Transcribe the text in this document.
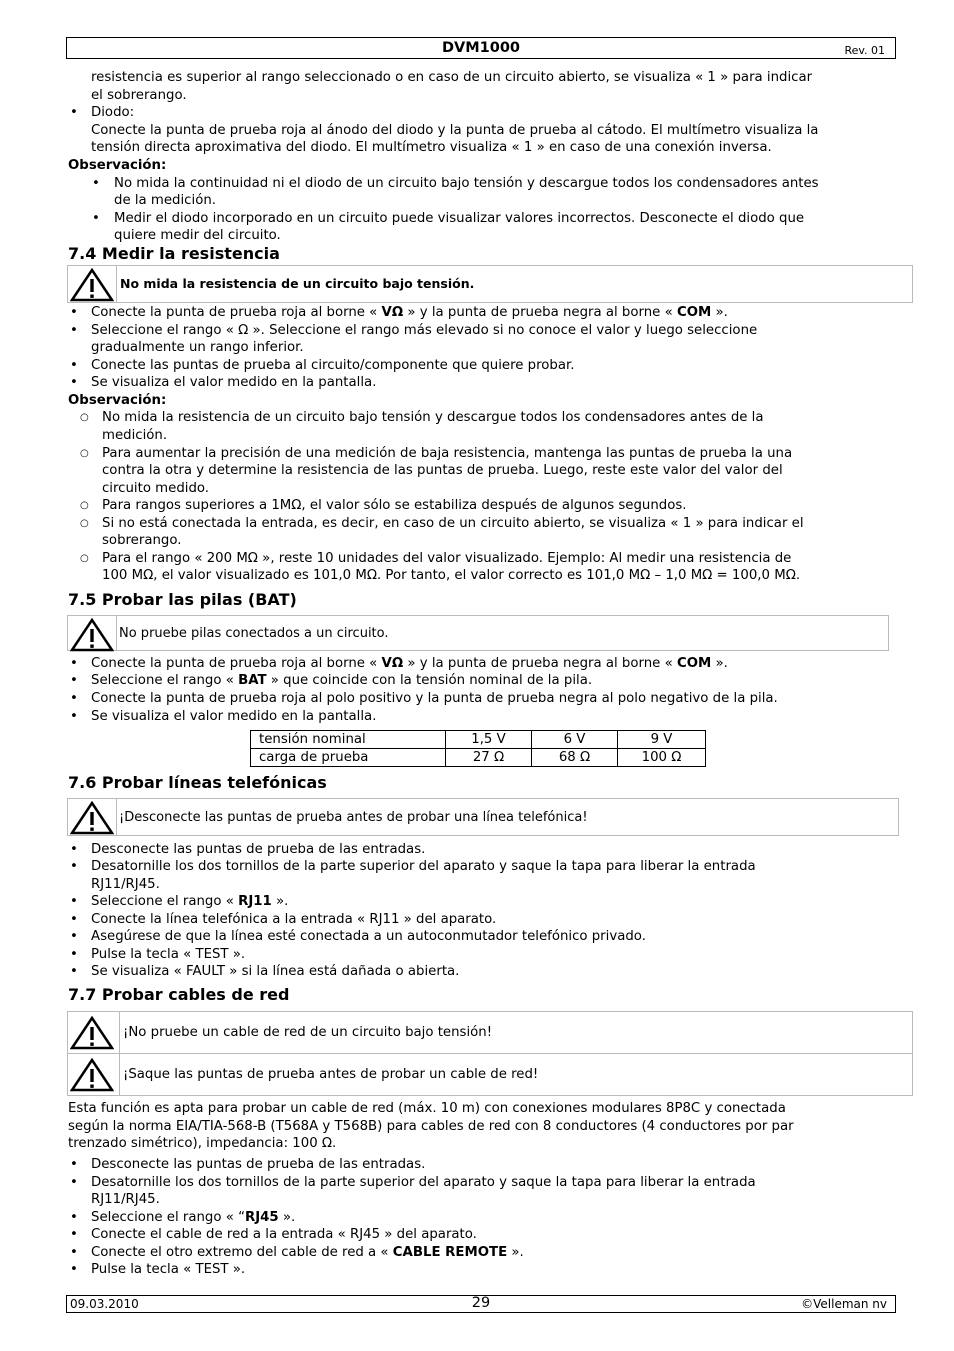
DVM1000	Rev. 01
resistencia es superior al rango seleccionado o en caso de un circuito abierto, se visualiza « 1 » para indicar
el sobrerango.
• Diodo:
Conecte la punta de prueba roja al ánodo del diodo y la punta de prueba al cátodo. El multímetro visualiza la
tensión directa aproximativa del diodo. El multímetro visualiza « 1 » en caso de una conexión inversa.
Observación:
• No mida la continuidad ni el diodo de un circuito bajo tensión y descargue todos los condensadores antes
de la medición.
• Medir el diodo incorporado en un circuito puede visualizar valores incorrectos. Desconecte el diodo que
quiere medir del circuito.
7.4 Medir la resistencia
No mida la resistencia de un circuito bajo tensión.
• Conecte la punta de prueba roja al borne « VΩ » y la punta de prueba negra al borne « COM ».
• Seleccione el rango « Ω ». Seleccione el rango más elevado si no conoce el valor y luego seleccione
gradualmente un rango inferior.
• Conecte las puntas de prueba al circuito/componente que quiere probar.
• Se visualiza el valor medido en la pantalla.
Observación:
○ No mida la resistencia de un circuito bajo tensión y descargue todos los condensadores antes de la
medición.
○ Para aumentar la precisión de una medición de baja resistencia, mantenga las puntas de prueba la una
contra la otra y determine la resistencia de las puntas de prueba. Luego, reste este valor del valor del
circuito medido.
○ Para rangos superiores a 1MΩ, el valor sólo se estabiliza después de algunos segundos.
○ Si no está conectada la entrada, es decir, en caso de un circuito abierto, se visualiza « 1 » para indicar el
sobrerango.
○ Para el rango « 200 MΩ », reste 10 unidades del valor visualizado. Ejemplo: Al medir una resistencia de
100 MΩ, el valor visualizado es 101,0 MΩ. Por tanto, el valor correcto es 101,0 MΩ – 1,0 MΩ = 100,0 MΩ.
7.5 Probar las pilas (BAT)
No pruebe pilas conectados a un circuito.
• Conecte la punta de prueba roja al borne « VΩ » y la punta de prueba negra al borne « COM ».
• Seleccione el rango « BAT » que coincide con la tensión nominal de la pila.
• Conecte la punta de prueba roja al polo positivo y la punta de prueba negra al polo negativo de la pila.
• Se visualiza el valor medido en la pantalla.
tensión nominal	1,5 V	6 V	9 V
carga de prueba	27 Ω	68 Ω	100 Ω
7.6 Probar líneas telefónicas
¡Desconecte las puntas de prueba antes de probar una línea telefónica!
• Desconecte las puntas de prueba de las entradas.
• Desatornille los dos tornillos de la parte superior del aparato y saque la tapa para liberar la entrada
RJ11/RJ45.
• Seleccione el rango « RJ11 ».
• Conecte la línea telefónica a la entrada « RJ11 » del aparato.
• Asegúrese de que la línea esté conectada a un autoconmutador telefónico privado.
• Pulse la tecla « TEST ».
• Se visualiza « FAULT » si la línea está dañada o abierta.
7.7 Probar cables de red
¡No pruebe un cable de red de un circuito bajo tensión!
¡Saque las puntas de prueba antes de probar un cable de red!
Esta función es apta para probar un cable de red (máx. 10 m) con conexiones modulares 8P8C y conectada
según la norma EIA/TIA-568-B (T568A y T568B) para cables de red con 8 conductores (4 conductores por par
trenzado simétrico), impedancia: 100 Ω.
• Desconecte las puntas de prueba de las entradas.
• Desatornille los dos tornillos de la parte superior del aparato y saque la tapa para liberar la entrada
RJ11/RJ45.
• Seleccione el rango « “RJ45 ».
• Conecte el cable de red a la entrada « RJ45 » del aparato.
• Conecte el otro extremo del cable de red a « CABLE REMOTE ».
• Pulse la tecla « TEST ».
09.03.2010	29	©Velleman nv
